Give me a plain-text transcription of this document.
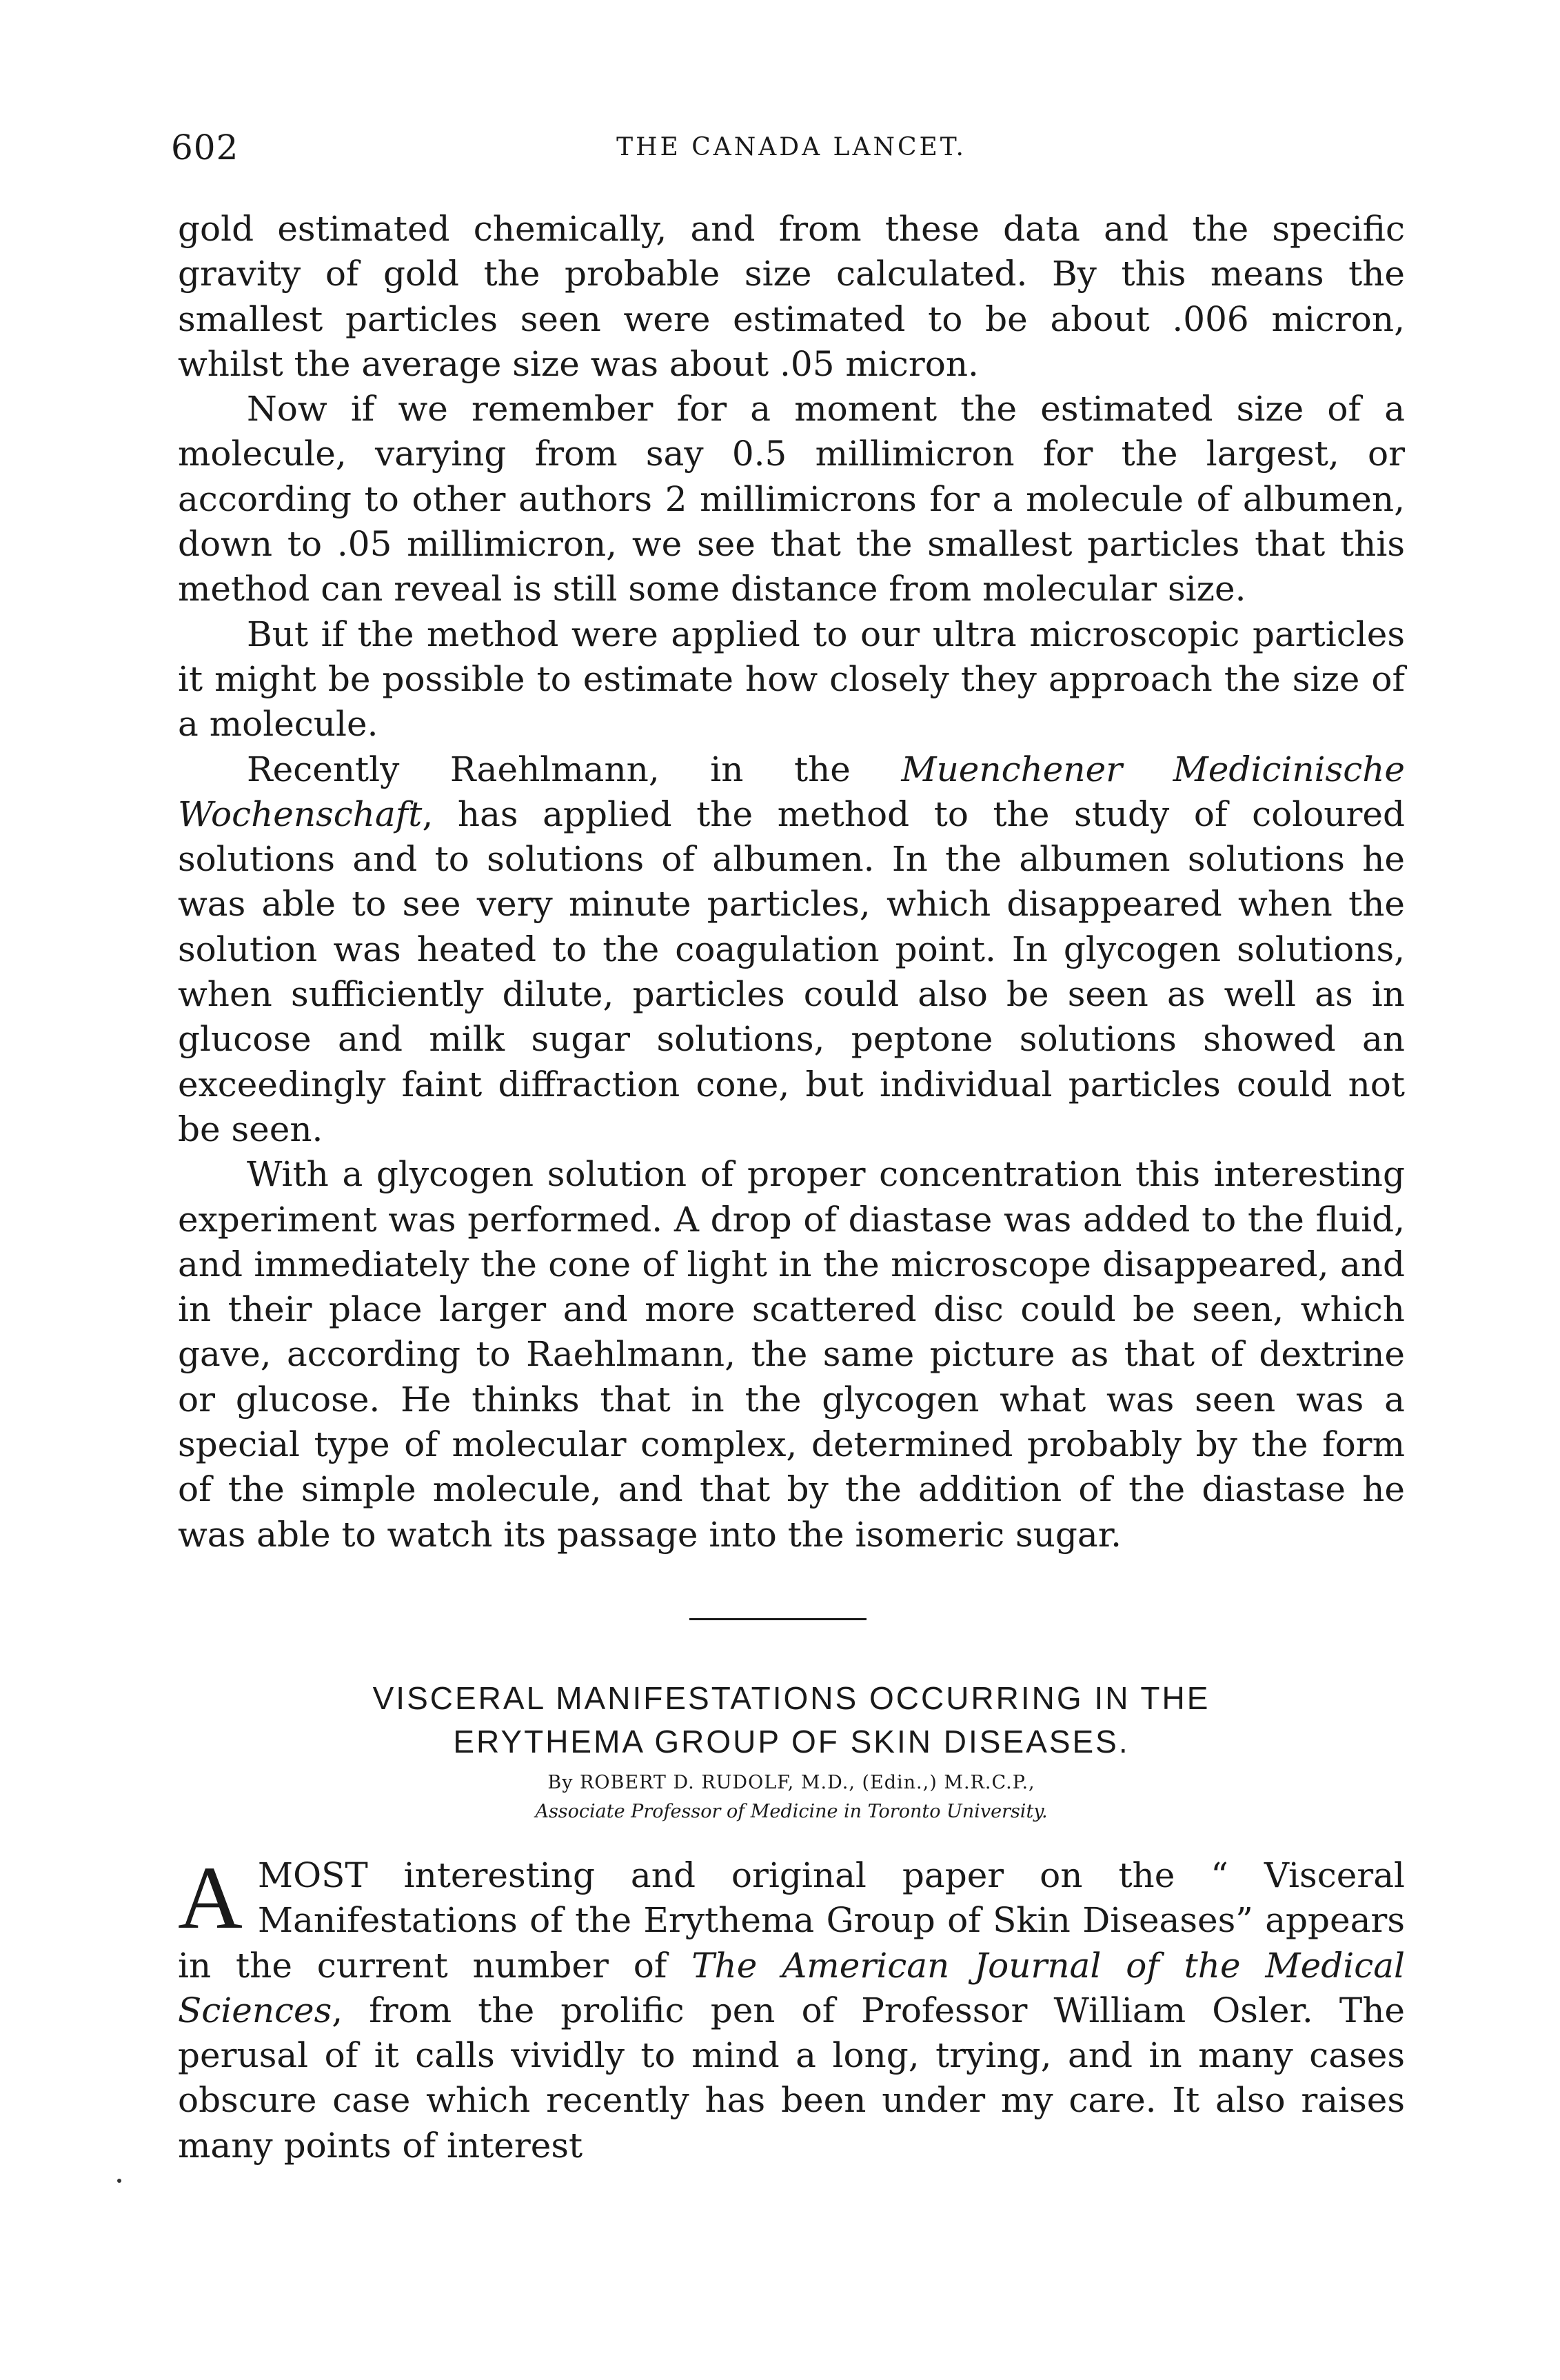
602	THE CANADA LANCET.

gold estimated chemically, and from these data and the specific gravity of gold the probable size calculated. By this means the smallest particles seen were estimated to be about .006 micron, whilst the average size was about .05 micron.

Now if we remember for a moment the estimated size of a molecule, varying from say 0.5 millimicron for the largest, or according to other authors 2 millimicrons for a molecule of albumen, down to .05 millimicron, we see that the smallest particles that this method can reveal is still some distance from molecular size.

But if the method were applied to our ultra microscopic particles it might be possible to estimate how closely they approach the size of a molecule.

Recently Raehlmann, in the Muenchener Medicinische Wochenschaft, has applied the method to the study of coloured solutions and to solutions of albumen. In the albumen solutions he was able to see very minute particles, which disappeared when the solution was heated to the coagulation point. In glycogen solutions, when sufficiently dilute, particles could also be seen as well as in glucose and milk sugar solutions, peptone solutions showed an exceedingly faint diffraction cone, but individual particles could not be seen.

With a glycogen solution of proper concentration this interesting experiment was performed. A drop of diastase was added to the fluid, and immediately the cone of light in the microscope disappeared, and in their place larger and more scattered disc could be seen, which gave, according to Raehlmann, the same picture as that of dextrine or glucose. He thinks that in the glycogen what was seen was a special type of molecular complex, determined probably by the form of the simple molecule, and that by the addition of the diastase he was able to watch its passage into the isomeric sugar.

VISCERAL MANIFESTATIONS OCCURRING IN THE
ERYTHEMA GROUP OF SKIN DISEASES.
By ROBERT D. RUDOLF, M.D., (Edin.,) M.R.C.P.,
Associate Professor of Medicine in Toronto University.
A MOST interesting and original paper on the “ Visceral Manifestations of the Erythema Group of Skin Diseases” appears in the current number of The American Journal of the Medical Sciences, from the prolific pen of Professor William Osler. The perusal of it calls vividly to mind a long, trying, and in many cases obscure case which recently has been under my care. It also raises many points of interest
